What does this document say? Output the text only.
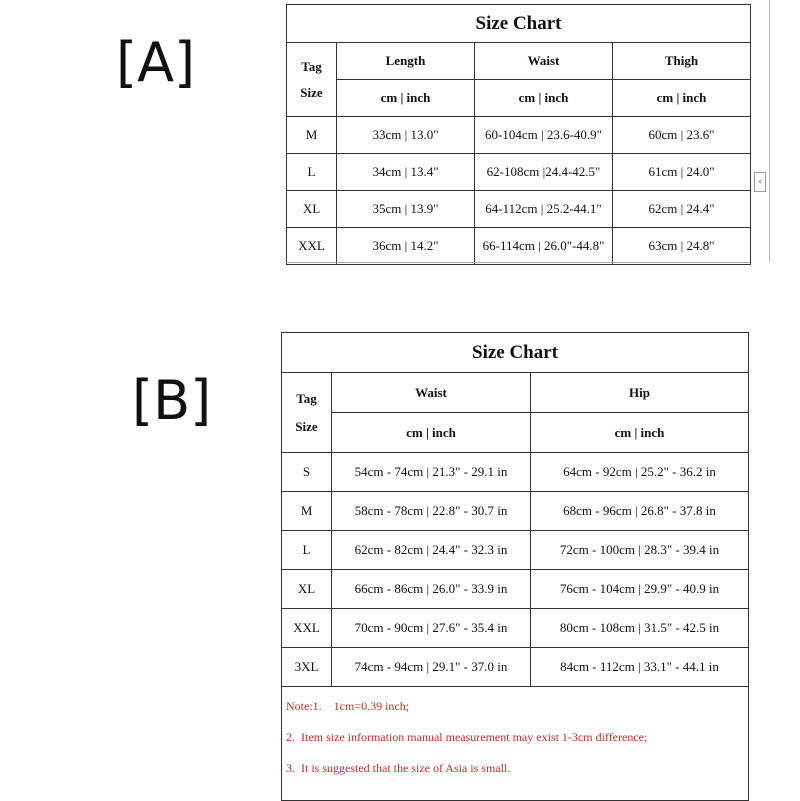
[A]
[B]
Size Chart			

Tag
Size	Length	Waist	Thigh
	cm | inch	cm | inch	cm | inch
M	33cm | 13.0"	60-104cm | 23.6-40.9"	60cm | 23.6"
L	34cm | 13.4"	62-108cm |24.4-42.5"	61cm | 24.0"
XL	35cm | 13.9"	64-112cm | 25.2-44.1"	62cm | 24.4"
XXL	36cm | 14.2"	66-114cm | 26.0"-44.8"	63cm | 24.8"
‹
Size Chart		

Tag
Size	Waist	Hip
	cm | inch	cm | inch
S	54cm - 74cm | 21.3" - 29.1 in	64cm - 92cm | 25.2" - 36.2 in
M	58cm - 78cm | 22.8" - 30.7 in	68cm - 96cm | 26.8" - 37.8 in
L	62cm - 82cm | 24.4" - 32.3 in	72cm - 100cm | 28.3" - 39.4 in
XL	66cm - 86cm | 26.0" - 33.9 in	76cm - 104cm | 29.9" - 40.9 in
XXL	70cm - 90cm | 27.6" - 35.4 in	80cm - 108cm | 31.5" - 42.5 in
3XL	74cm - 94cm | 29.1" - 37.0 in	84cm - 112cm | 33.1" - 44.1 in

Note:1.    1cm=0.39 inch;
2.  Item size information manual measurement may exist 1-3cm difference;
3.  It is suggested that the size of Asia is small.		
